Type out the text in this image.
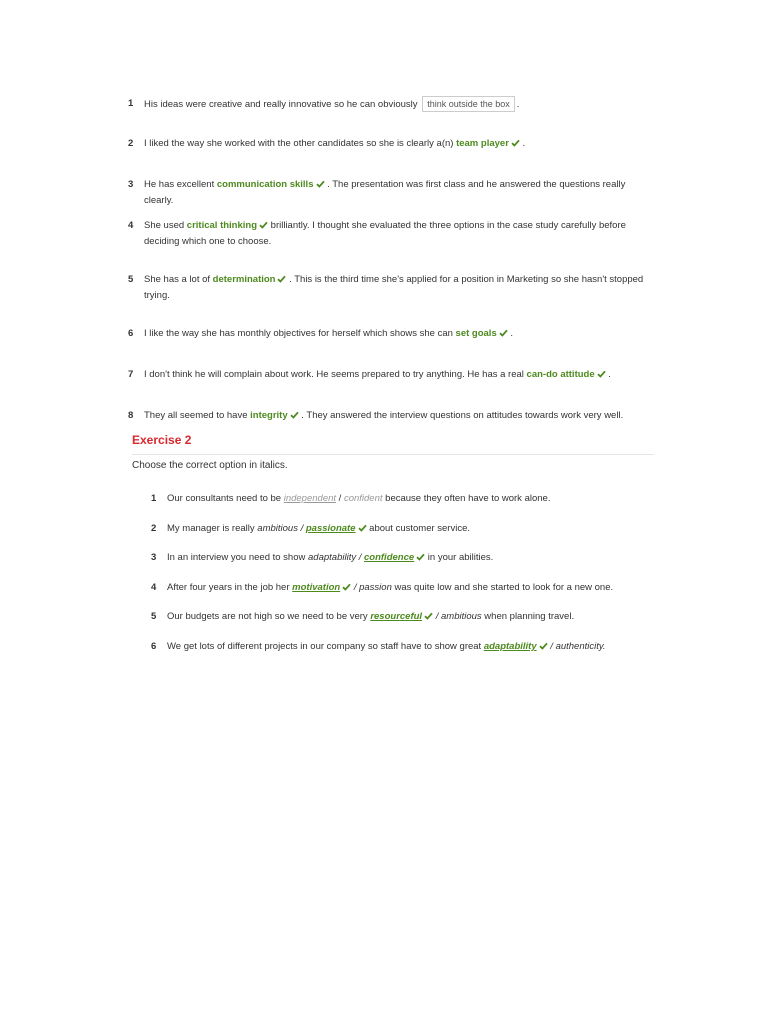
1	His ideas were creative and really innovative so he can obviously think outside the box .
2	I liked the way she worked with the other candidates so she is clearly a(n) team player .
3	He has excellent communication skills . The presentation was first class and he answered the questions really clearly.
4	She used critical thinking
brilliantly. I thought she evaluated the three options in the case study carefully before deciding which one to choose.
5	She has a lot of determination . This is the third time she's applied for a position in Marketing so she hasn't stopped trying.
6	I like the way she has monthly objectives for herself which shows she can set goals .
7	I don't think he will complain about work. He seems prepared to try anything. He has a real can-do attitude .
8	They all seemed to have integrity . They answered the interview questions on attitudes towards work very well.
Exercise 2
Choose the correct option in italics.
1	Our consultants need to be independent / confident because they often have to work alone.
2	My manager is really ambitious / passionate
about customer service.
3	In an interview you need to show adaptability / confidence
in your abilities.
4	After four years in the job her motivation
/ passion was quite low and she started to look for a new one.
5	Our budgets are not high so we need to be very resourceful
/ ambitious when planning travel.
6	We get lots of different projects in our company so staff have to show great adaptability
/ authenticity.
